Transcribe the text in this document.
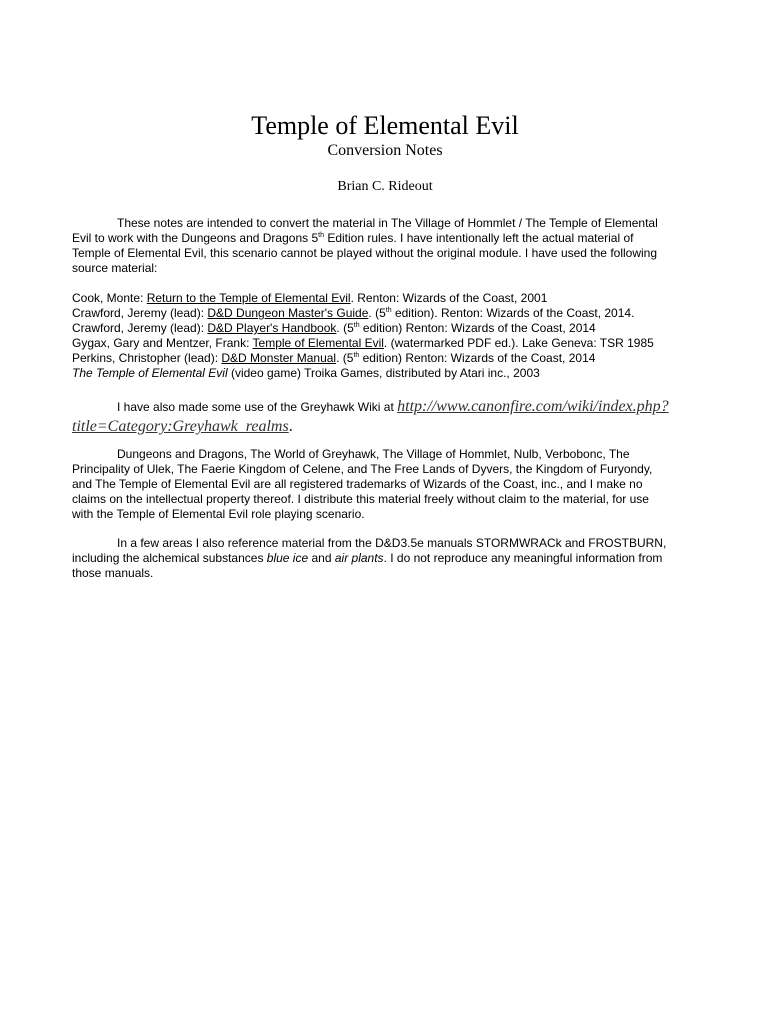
Temple of Elemental Evil
Conversion Notes
Brian C. Rideout
These notes are intended to convert the material in The Village of Hommlet / The Temple of Elemental
Evil to work with the Dungeons and Dragons 5th Edition rules. I have intentionally left the actual material of
Temple of Elemental Evil, this scenario cannot be played without the original module. I have used the following
source material:
Cook, Monte: Return to the Temple of Elemental Evil. Renton: Wizards of the Coast, 2001
Crawford, Jeremy (lead): D&D Dungeon Master's Guide. (5th edition). Renton: Wizards of the Coast, 2014.
Crawford, Jeremy (lead): D&D Player's Handbook. (5th edition) Renton: Wizards of the Coast, 2014
Gygax, Gary and Mentzer, Frank: Temple of Elemental Evil. (watermarked PDF ed.). Lake Geneva: TSR 1985
Perkins, Christopher (lead): D&D Monster Manual. (5th edition) Renton: Wizards of the Coast, 2014
The Temple of Elemental Evil (video game) Troika Games, distributed by Atari inc., 2003
I have also made some use of the Greyhawk Wiki at http://www.canonfire.com/wiki/index.php?
title=Category:Greyhawk_realms.
Dungeons and Dragons, The World of Greyhawk, The Village of Hommlet, Nulb, Verbobonc, The
Principality of Ulek, The Faerie Kingdom of Celene, and The Free Lands of Dyvers, the Kingdom of Furyondy,
and The Temple of Elemental Evil are all registered trademarks of Wizards of the Coast, inc., and I make no
claims on the intellectual property thereof. I distribute this material freely without claim to the material, for use
with the Temple of Elemental Evil role playing scenario.
In a few areas I also reference material from the D&D3.5e manuals STORMWRACk and FROSTBURN,
including the alchemical substances blue ice and air plants. I do not reproduce any meaningful information from
those manuals.
